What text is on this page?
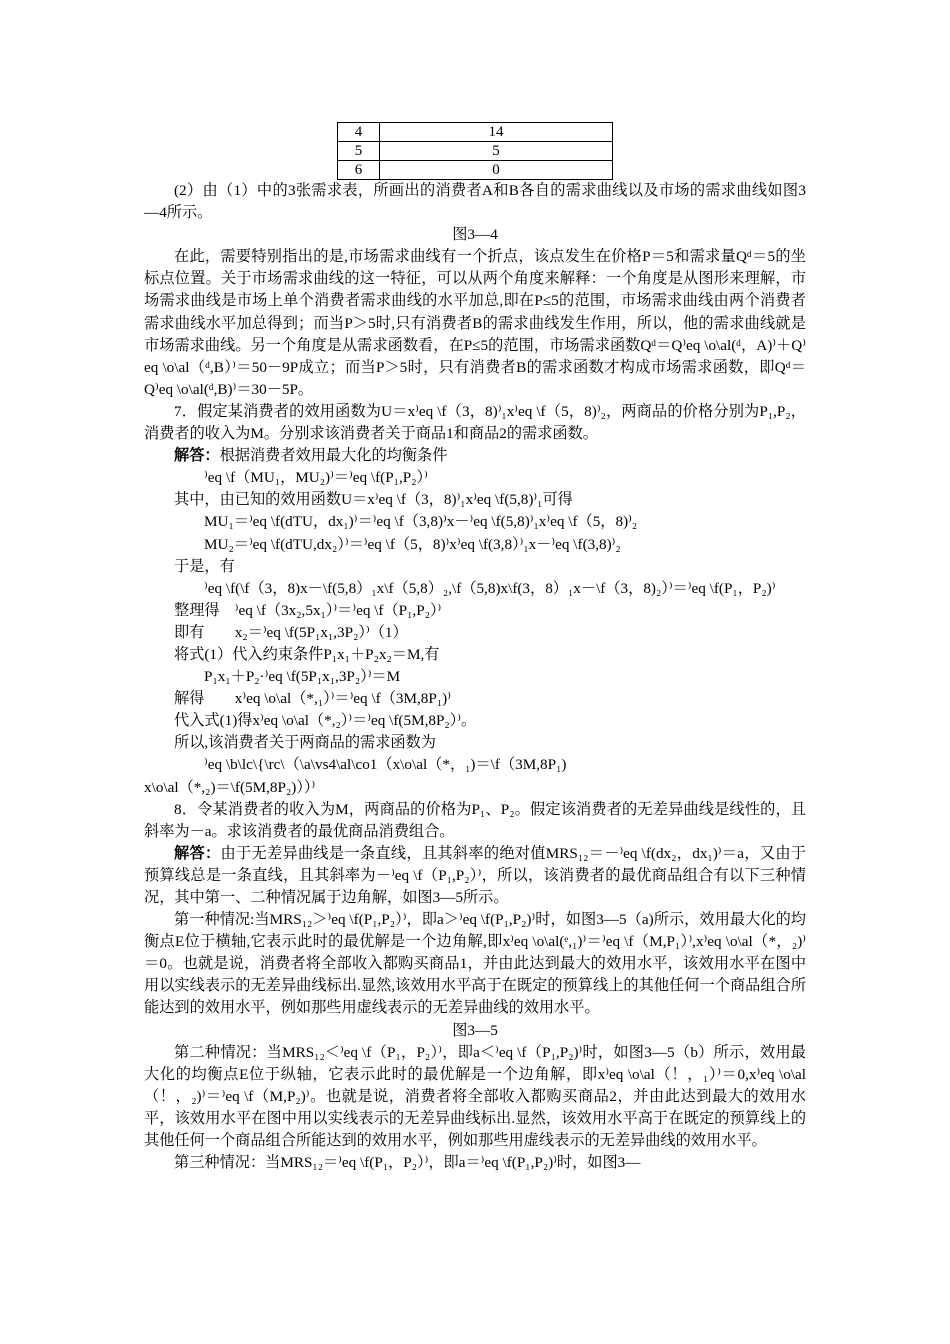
4	14
5	5
6	0

(2）由（1）中的3张需求表，所画出的消费者A和B各自的需求曲线以及市场的需求曲线如图3—4所示。

图3—4

在此，需要特别指出的是,市场需求曲线有一个折点，该点发生在价格P＝5和需求量Qᵈ＝5的坐标点位置。关于市场需求曲线的这一特征，可以从两个角度来解释：一个角度是从图形来理解，市场需求曲线是市场上单个消费者需求曲线的水平加总,即在P≤5的范围，市场需求曲线由两个消费者需求曲线水平加总得到；而当P＞5时,只有消费者B的需求曲线发生作用，所以，他的需求曲线就是市场需求曲线。另一个角度是从需求函数看，在P≤5的范围，市场需求函数Qᵈ＝Q⁾eq \o\al(ᵈ，A)⁾＋Q⁾eq \o\al（ᵈ,B）⁾＝50－9P成立；而当P＞5时，只有消费者B的需求函数才构成市场需求函数，即Qᵈ＝Q⁾eq \o\al(ᵈ,B)⁾＝30－5P。

7．假定某消费者的效用函数为U＝x⁾eq \f（3，8)⁾₁x⁾eq \f（5，8)⁾₂，两商品的价格分别为P₁,P₂，消费者的收入为M。分别求该消费者关于商品1和商品2的需求函数。

解答：根据消费者效用最大化的均衡条件

⁾eq \f（MU₁，MU₂)⁾＝⁾eq \f(P₁,P₂）⁾

其中，由已知的效用函数U＝x⁾eq \f（3，8)⁾₁x⁾eq \f(5,8)⁾₁可得

MU₁＝⁾eq \f(dTU，dx₁)⁾＝⁾eq \f（3,8)⁾x－⁾eq \f(5,8)⁾₁x⁾eq \f（5，8)⁾₂

MU₂＝⁾eq \f(dTU,dx₂）⁾＝⁾eq \f（5，8)⁾x⁾eq \f(3,8）⁾₁x－⁾eq \f(3,8)⁾₂

于是，有

⁾eq \f(\f（3，8)x－\f(5,8）₁x\f（5,8）₂,\f（5,8)x\f(3，8）₁x－\f（3，8)₂）⁾＝⁾eq \f(P₁，P₂)⁾

整理得　⁾eq \f（3x₂,5x₁）⁾＝⁾eq \f（P₁,P₂）⁾

即有　　x₂＝⁾eq \f(5P₁x₁,3P₂）⁾（1）

将式(1）代入约束条件P₁x₁＋P₂x₂＝M,有

P₁x₁＋P₂·⁾eq \f(5P₁x₁,3P₂）⁾＝M

解得　　x⁾eq \o\al（*,₁）⁾＝⁾eq \f（3M,8P₁)⁾

代入式(1)得x⁾eq \o\al（*,₂）⁾＝⁾eq \f(5M,8P₂）⁾。

所以,该消费者关于两商品的需求函数为

⁾eq \b\lc\{\rc\（\a\vs4\al\co1（x\o\al（*，₁)＝\f（3M,8P₁)

x\o\al（*,₂)＝\f(5M,8P₂)））⁾

8．令某消费者的收入为M，两商品的价格为P₁、P₂。假定该消费者的无差异曲线是线性的，且斜率为－a。求该消费者的最优商品消费组合。

解答：由于无差异曲线是一条直线，且其斜率的绝对值MRS₁₂＝－⁾eq \f(dx₂，dx₁)⁾＝a，又由于预算线总是一条直线，且其斜率为－⁾eq \f（P₁,P₂）⁾，所以，该消费者的最优商品组合有以下三种情况，其中第一、二种情况属于边角解，如图3—5所示。

第一种情况:当MRS₁₂＞⁾eq \f(P₁,P₂）⁾，即a＞⁾eq \f(P₁,P₂)⁾时，如图3—5（a)所示，效用最大化的均衡点E位于横轴,它表示此时的最优解是一个边角解,即x⁾eq \o\al(ᵉ,₁)⁾＝⁾eq \f（M,P₁）⁾,x⁾eq \o\al（*，₂)⁾＝0。也就是说，消费者将全部收入都购买商品1，并由此达到最大的效用水平，该效用水平在图中用以实线表示的无差异曲线标出.显然,该效用水平高于在既定的预算线上的其他任何一个商品组合所能达到的效用水平，例如那些用虚线表示的无差异曲线的效用水平。

图3—5

第二种情况：当MRS₁₂＜⁾eq \f（P₁，P₂）⁾，即a＜⁾eq \f（P₁,P₂)⁾时，如图3—5（b）所示，效用最大化的均衡点E位于纵轴，它表示此时的最优解是一个边角解，即x⁾eq \o\al（！，₁）⁾＝0,x⁾eq \o\al（！，₂)⁾＝⁾eq \f（M,P₂)⁾。也就是说，消费者将全部收入都购买商品2，并由此达到最大的效用水平，该效用水平在图中用以实线表示的无差异曲线标出.显然，该效用水平高于在既定的预算线上的其他任何一个商品组合所能达到的效用水平，例如那些用虚线表示的无差异曲线的效用水平。

第三种情况：当MRS₁₂＝⁾eq \f(P₁，P₂）⁾，即a＝⁾eq \f(P₁,P₂)⁾时，如图3—
